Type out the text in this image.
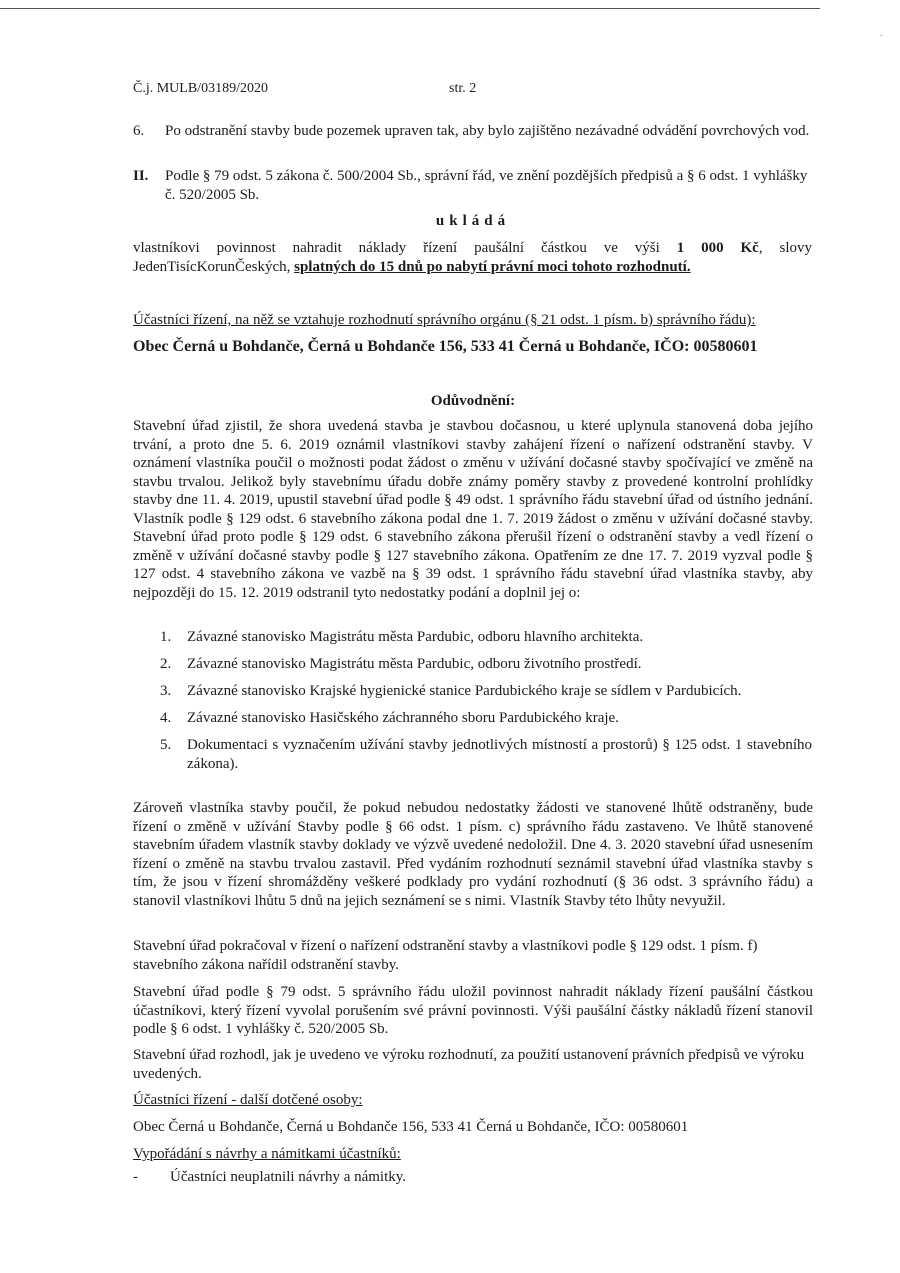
-
Č.j. MULB/03189/2020	str. 2
6. Po odstranění stavby bude pozemek upraven tak, aby bylo zajištěno nezávadné odvádění povrchových vod.
II. Podle § 79 odst. 5 zákona č. 500/2004 Sb., správní řád, ve znění pozdějších předpisů a § 6 odst. 1 vyhlášky č. 520/2005 Sb.
ukládá
vlastníkovi povinnost nahradit náklady řízení paušální částkou ve výši 1 000 Kč, slovy JedenTisícKorunČeských, splatných do 15 dnů po nabytí právní moci tohoto rozhodnutí.
Účastníci řízení, na něž se vztahuje rozhodnutí správního orgánu (§ 21 odst. 1 písm. b) správního řádu):
Obec Černá u Bohdanče, Černá u Bohdanče 156, 533 41 Černá u Bohdanče, IČO: 00580601
Odůvodnění:
Stavební úřad zjistil, že shora uvedená stavba je stavbou dočasnou, u které uplynula stanovená doba jejího trvání, a proto dne 5. 6. 2019 oznámil vlastníkovi stavby zahájení řízení o nařízení odstranění stavby. V oznámení vlastníka poučil o možnosti podat žádost o změnu v užívání dočasné stavby spočívající ve změně na stavbu trvalou. Jelikož byly stavebnímu úřadu dobře známy poměry stavby z provedené kontrolní prohlídky stavby dne 11. 4. 2019, upustil stavební úřad podle § 49 odst. 1 správního řádu stavební úřad od ústního jednání. Vlastník podle § 129 odst. 6 stavebního zákona podal dne 1. 7. 2019 žádost o změnu v užívání dočasné stavby. Stavební úřad proto podle § 129 odst. 6 stavebního zákona přerušil řízení o odstranění stavby a vedl řízení o změně v užívání dočasné stavby podle § 127 stavebního zákona. Opatřením ze dne 17. 7. 2019 vyzval podle § 127 odst. 4 stavebního zákona ve vazbě na § 39 odst. 1 správního řádu stavební úřad vlastníka stavby, aby nejpozději do 15. 12. 2019 odstranil tyto nedostatky podání a doplnil jej o:
1. Závazné stanovisko Magistrátu města Pardubic, odboru hlavního architekta.
2. Závazné stanovisko Magistrátu města Pardubic, odboru životního prostředí.
3. Závazné stanovisko Krajské hygienické stanice Pardubického kraje se sídlem v Pardubicích.
4. Závazné stanovisko Hasičského záchranného sboru Pardubického kraje.
5. Dokumentaci s vyznačením užívání stavby jednotlivých místností a prostorů) § 125 odst. 1 stavebního zákona).
Zároveň vlastníka stavby poučil, že pokud nebudou nedostatky žádosti ve stanovené lhůtě odstraněny, bude řízení o změně v užívání Stavby podle § 66 odst. 1 písm. c) správního řádu zastaveno. Ve lhůtě stanovené stavebním úřadem vlastník stavby doklady ve výzvě uvedené nedoložil. Dne 4. 3. 2020 stavební úřad usnesením řízení o změně na stavbu trvalou zastavil. Před vydáním rozhodnutí seznámil stavební úřad vlastníka stavby s tím, že jsou v řízení shromážděny veškeré podklady pro vydání rozhodnutí (§ 36 odst. 3 správního řádu) a stanovil vlastníkovi lhůtu 5 dnů na jejich seznámení se s nimi. Vlastník Stavby této lhůty nevyužil.
Stavební úřad pokračoval v řízení o nařízení odstranění stavby a vlastníkovi podle § 129 odst. 1 písm. f) stavebního zákona nařídil odstranění stavby.
Stavební úřad podle § 79 odst. 5 správního řádu uložil povinnost nahradit náklady řízení paušální částkou účastníkovi, který řízení vyvolal porušením své právní povinnosti. Výši paušální částky nákladů řízení stanovil podle § 6 odst. 1 vyhlášky č. 520/2005 Sb.
Stavební úřad rozhodl, jak je uvedeno ve výroku rozhodnutí, za použití ustanovení právních předpisů ve výroku uvedených.
Účastníci řízení - další dotčené osoby:
Obec Černá u Bohdanče, Černá u Bohdanče 156, 533 41 Černá u Bohdanče, IČO: 00580601
Vypořádání s návrhy a námitkami účastníků:
- Účastníci neuplatnili návrhy a námitky.
